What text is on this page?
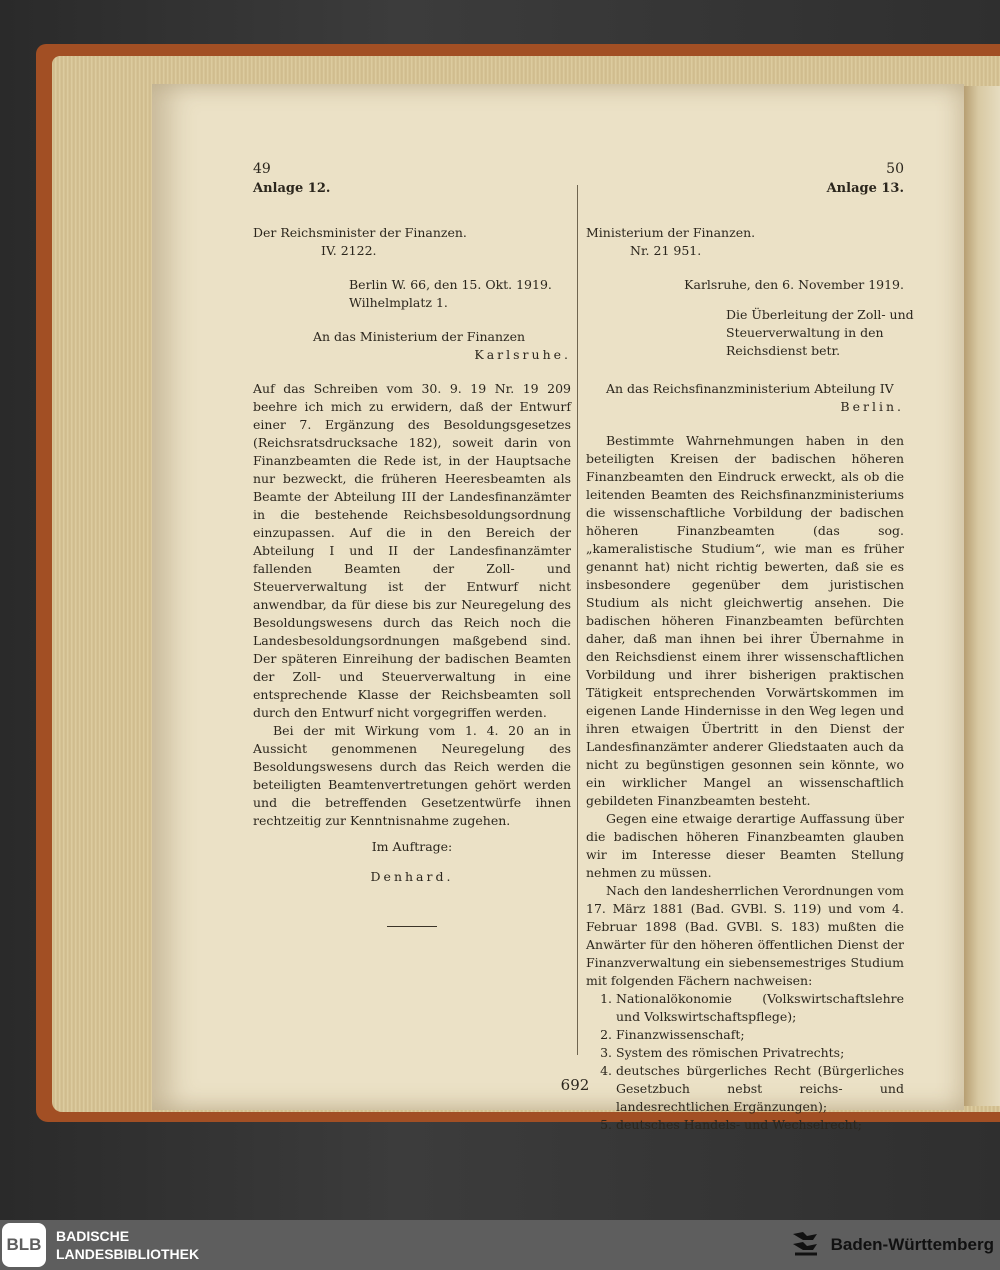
49
Anlage 12.
Der Reichsminister der Finanzen.
IV. 2122.
Berlin W. 66, den 15. Okt. 1919.
Wilhelmplatz 1.
An das Ministerium der Finanzen
Karlsruhe.

Auf das Schreiben vom 30. 9. 19 Nr. 19 209 beehre ich mich zu erwidern, daß der Entwurf einer 7. Ergänzung des Besoldungsgesetzes (Reichsratsdrucksache 182), soweit darin von Finanzbeamten die Rede ist, in der Hauptsache nur bezweckt, die früheren Heeresbeamten als Beamte der Abteilung III der Landesfinanzämter in die bestehende Reichsbesoldungsordnung einzupassen. Auf die in den Bereich der Abteilung I und II der Landesfinanzämter fallenden Beamten der Zoll- und Steuerverwaltung ist der Entwurf nicht anwendbar, da für diese bis zur Neuregelung des Besoldungswesens durch das Reich noch die Landesbesoldungsordnungen maßgebend sind. Der späteren Einreihung der badischen Beamten der Zoll- und Steuerverwaltung in eine entsprechende Klasse der Reichsbeamten soll durch den Entwurf nicht vorgegriffen werden.

Bei der mit Wirkung vom 1. 4. 20 an in Aussicht genommenen Neuregelung des Besoldungswesens durch das Reich werden die beteiligten Beamtenvertretungen gehört werden und die betreffenden Gesetzentwürfe ihnen rechtzeitig zur Kenntnisnahme zugehen.

Im Auftrage:
Denhard.
50
Anlage 13.
Ministerium der Finanzen.
Nr. 21 951.
Karlsruhe, den 6. November 1919.
Die Überleitung der Zoll- und
Steuerverwaltung in den
Reichsdienst betr.
An das Reichsfinanzministerium Abteilung IV
Berlin.

Bestimmte Wahrnehmungen haben in den beteiligten Kreisen der badischen höheren Finanzbeamten den Eindruck erweckt, als ob die leitenden Beamten des Reichsfinanzministeriums die wissenschaftliche Vorbildung der badischen höheren Finanzbeamten (das sog. „kameralistische Studium“, wie man es früher genannt hat) nicht richtig bewerten, daß sie es insbesondere gegenüber dem juristischen Studium als nicht gleichwertig ansehen. Die badischen höheren Finanzbeamten befürchten daher, daß man ihnen bei ihrer Übernahme in den Reichsdienst einem ihrer wissenschaftlichen Vorbildung und ihrer bisherigen praktischen Tätigkeit entsprechenden Vorwärtskommen im eigenen Lande Hindernisse in den Weg legen und ihren etwaigen Übertritt in den Dienst der Landesfinanzämter anderer Gliedstaaten auch da nicht zu begünstigen gesonnen sein könnte, wo ein wirklicher Mangel an wissenschaftlich gebildeten Finanzbeamten besteht.

Gegen eine etwaige derartige Auffassung über die badischen höheren Finanzbeamten glauben wir im Interesse dieser Beamten Stellung nehmen zu müssen.

Nach den landesherrlichen Verordnungen vom 17. März 1881 (Bad. GVBl. S. 119) und vom 4. Februar 1898 (Bad. GVBl. S. 183) mußten die Anwärter für den höheren öffentlichen Dienst der Finanzverwaltung ein siebensemestriges Studium mit folgenden Fächern nachweisen:

1. Nationalökonomie (Volkswirtschaftslehre und Volkswirtschaftspflege);
2. Finanzwissenschaft;
3. System des römischen Privatrechts;
4. deutsches bürgerliches Recht (Bürgerliches Gesetzbuch nebst reichs- und landesrechtlichen Ergänzungen);
5. deutsches Handels- und Wechselrecht;
692
BLB	BADISCHE
LANDESBIBLIOTHEK	Baden-Württemberg
